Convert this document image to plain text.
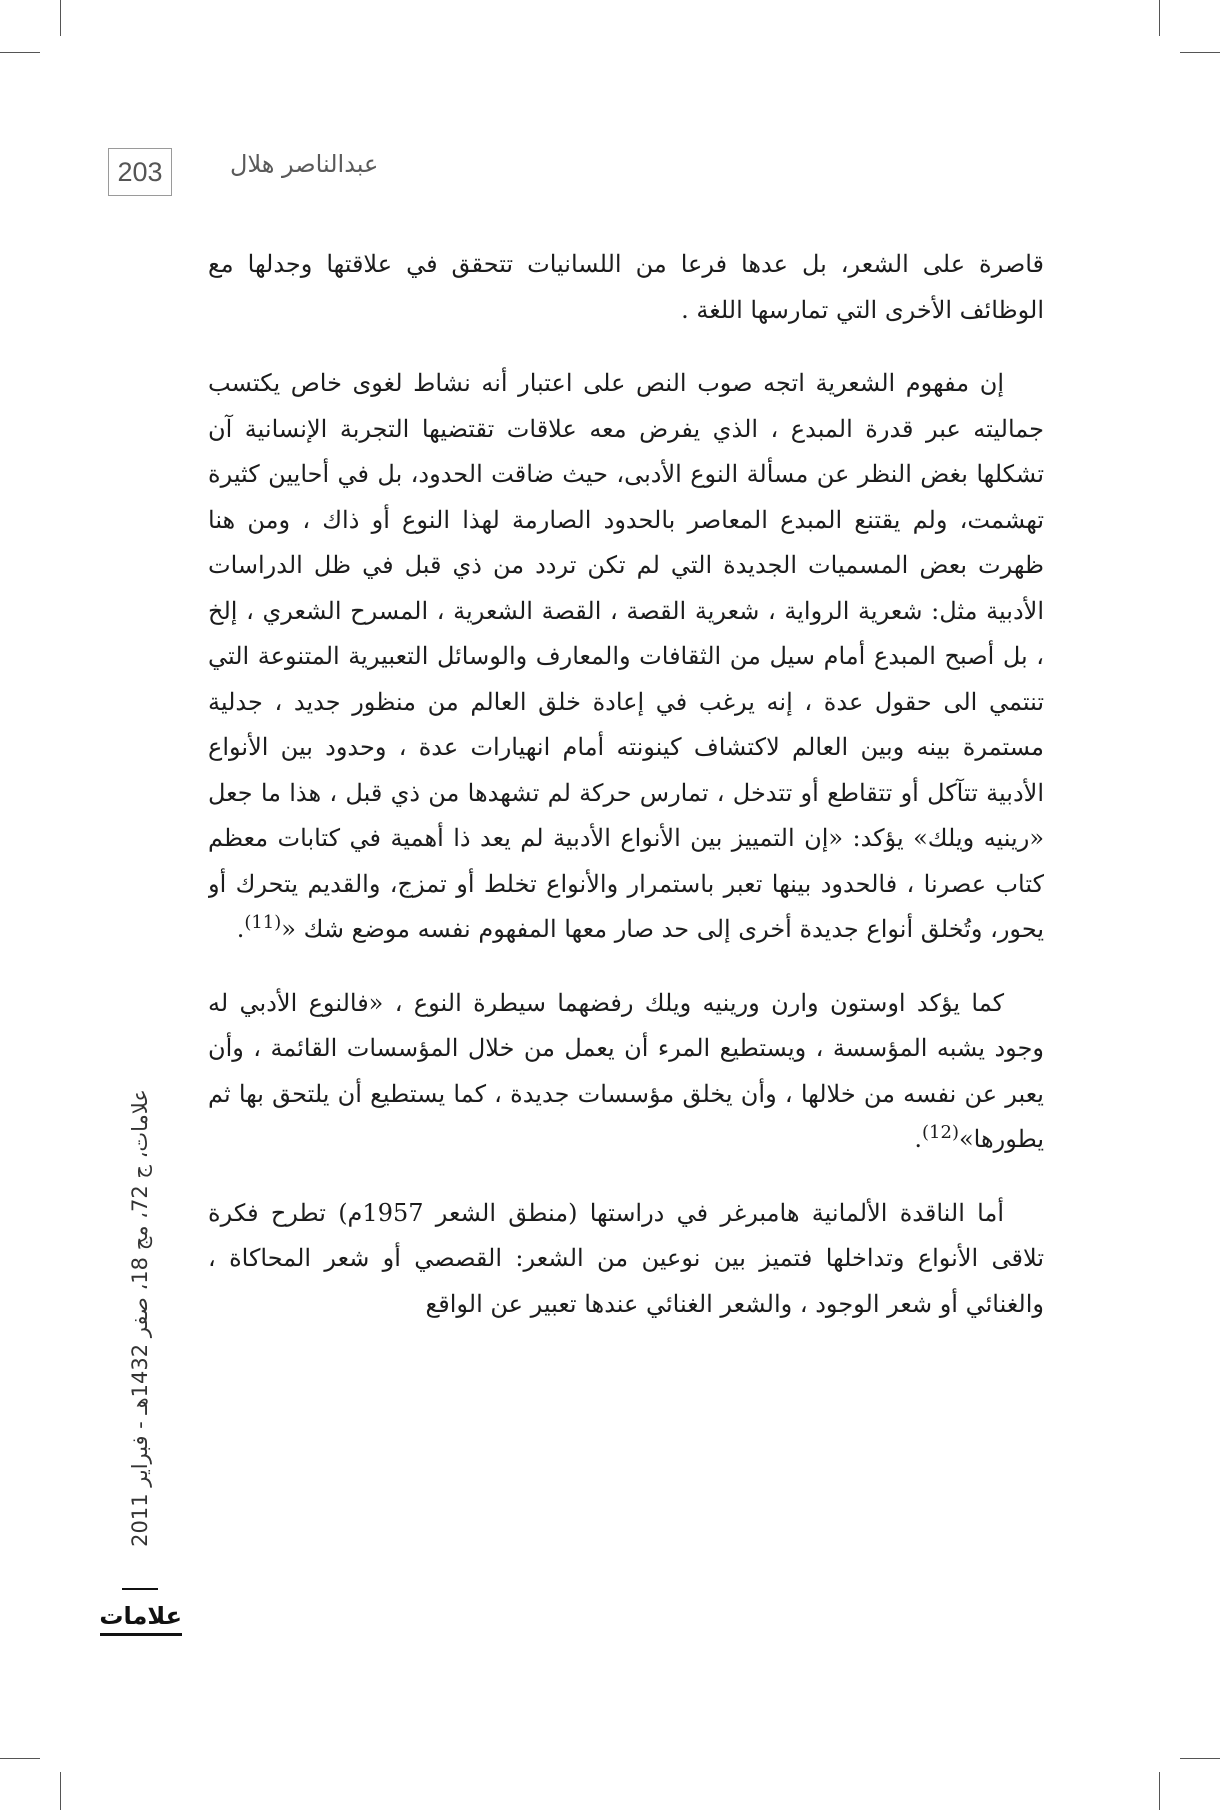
203	عبدالناصر هلال

قاصرة على الشعر، بل عدها فرعا من اللسانيات تتحقق في علاقتها وجدلها مع الوظائف الأخرى التي تمارسها اللغة .

إن مفهوم الشعرية اتجه صوب النص على اعتبار أنه نشاط لغوى خاص يكتسب جماليته عبر قدرة المبدع ، الذي يفرض معه علاقات تقتضيها التجربة الإنسانية آن تشكلها بغض النظر عن مسألة النوع الأدبى، حيث ضاقت الحدود، بل في أحايين كثيرة تهشمت، ولم يقتنع المبدع المعاصر بالحدود الصارمة لهذا النوع أو ذاك ، ومن هنا ظهرت بعض المسميات الجديدة التي لم تكن تردد من ذي قبل في ظل الدراسات الأدبية مثل: شعرية الرواية ، شعرية القصة ، القصة الشعرية ، المسرح الشعري ، إلخ ، بل أصبح المبدع أمام سيل من الثقافات والمعارف والوسائل التعبيرية المتنوعة التي تنتمي الى حقول عدة ، إنه يرغب في إعادة خلق العالم من منظور جديد ، جدلية مستمرة بينه وبين العالم لاكتشاف كينونته أمام انهيارات عدة ، وحدود بين الأنواع الأدبية تتآكل أو تتقاطع أو تتدخل ، تمارس حركة لم تشهدها من ذي قبل ، هذا ما جعل «رينيه ويلك» يؤكد: «إن التمييز بين الأنواع الأدبية لم يعد ذا أهمية في كتابات معظم كتاب عصرنا ، فالحدود بينها تعبر باستمرار والأنواع تخلط أو تمزج، والقديم يتحرك أو يحور، وتُخلق أنواع جديدة أخرى إلى حد صار معها المفهوم نفسه موضع شك «$^{(11)}$.

كما يؤكد اوستون وارن ورينيه ويلك رفضهما سيطرة النوع ، «فالنوع الأدبي له وجود يشبه المؤسسة ، ويستطيع المرء أن يعمل من خلال المؤسسات القائمة ، وأن يعبر عن نفسه من خلالها ، وأن يخلق مؤسسات جديدة ، كما يستطيع أن يلتحق بها ثم يطورها»$^{(12)}$.

أما الناقدة الألمانية هامبرغر في دراستها (منطق الشعر 1957م) تطرح فكرة تلاقى الأنواع وتداخلها فتميز بين نوعين من الشعر: القصصي أو شعر المحاكاة ، والغنائي أو شعر الوجود ، والشعر الغنائي عندها تعبير عن الواقع

علامات، ج 72، مج 18، صفر 1432هـ - فبراير 2011
علامات
